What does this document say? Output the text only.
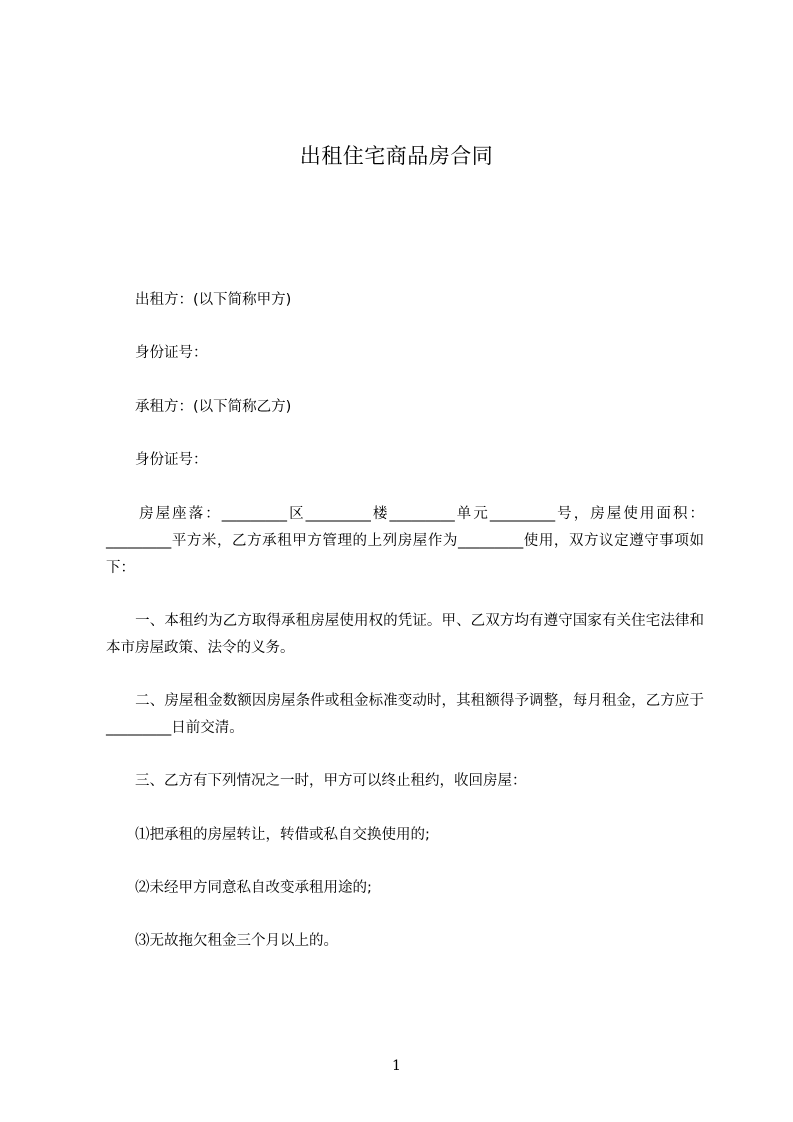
出租住宅商品房合同
　　出租方：(以下简称甲方)
　　身份证号：
　　承租方：(以下简称乙方)
　　身份证号：
　　房屋座落：_________区_________楼_________单元_________号，房屋使用面积：_________平方米，乙方承租甲方管理的上列房屋作为_________使用，双方议定遵守事项如下：
　　一、本租约为乙方取得承租房屋使用权的凭证。甲、乙双方均有遵守国家有关住宅法律和本市房屋政策、法令的义务。
　　二、房屋租金数额因房屋条件或租金标准变动时，其租额得予调整，每月租金，乙方应于_________日前交清。
　　三、乙方有下列情况之一时，甲方可以终止租约，收回房屋：
　　⑴把承租的房屋转让，转借或私自交换使用的;
　　⑵未经甲方同意私自改变承租用途的;
　　⑶无故拖欠租金三个月以上的。
1
